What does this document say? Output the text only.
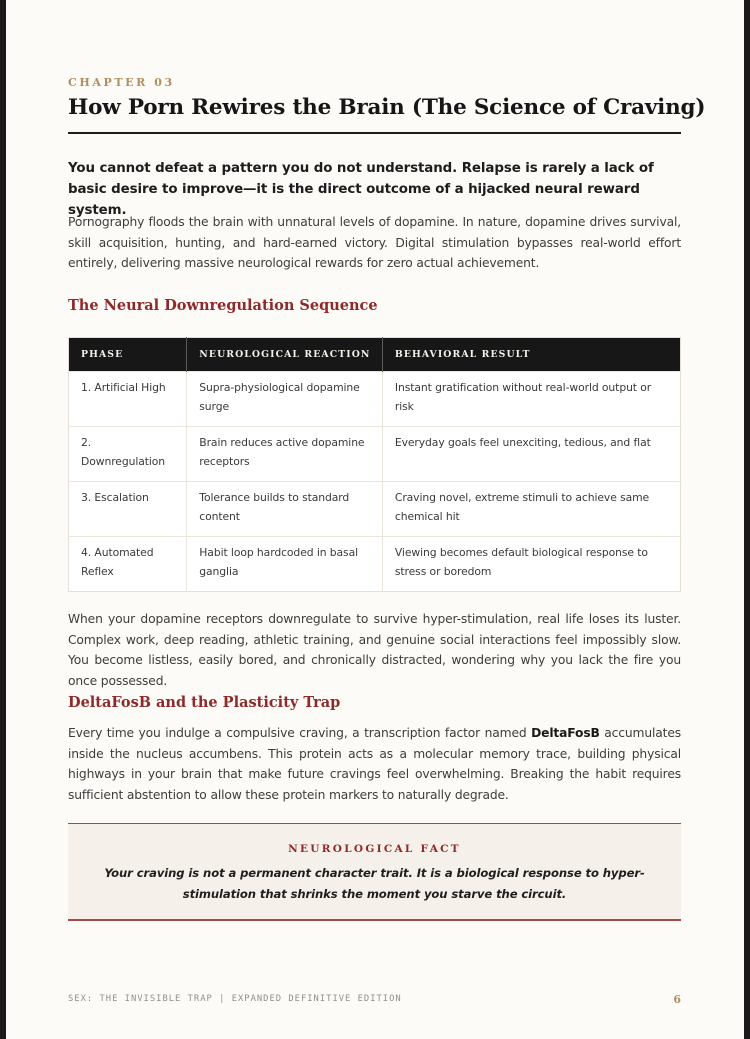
CHAPTER 03
How Porn Rewires the Brain (The Science of Craving)
You cannot defeat a pattern you do not understand. Relapse is rarely a lack of basic desire to improve—it is the direct outcome of a hijacked neural reward system.
Pornography floods the brain with unnatural levels of dopamine. In nature, dopamine drives survival, skill acquisition, hunting, and hard-earned victory. Digital stimulation bypasses real-world effort entirely, delivering massive neurological rewards for zero actual achievement.
The Neural Downregulation Sequence
PHASE	NEUROLOGICAL REACTION	BEHAVIORAL RESULT
1. Artificial High	Supra-physiological dopamine surge	Instant gratification without real-world output or risk
2. Downregulation	Brain reduces active dopamine receptors	Everyday goals feel unexciting, tedious, and flat
3. Escalation	Tolerance builds to standard content	Craving novel, extreme stimuli to achieve same chemical hit
4. Automated Reflex	Habit loop hardcoded in basal ganglia	Viewing becomes default biological response to stress or boredom
When your dopamine receptors downregulate to survive hyper-stimulation, real life loses its luster. Complex work, deep reading, athletic training, and genuine social interactions feel impossibly slow. You become listless, easily bored, and chronically distracted, wondering why you lack the fire you once possessed.
DeltaFosB and the Plasticity Trap
Every time you indulge a compulsive craving, a transcription factor named DeltaFosB accumulates inside the nucleus accumbens. This protein acts as a molecular memory trace, building physical highways in your brain that make future cravings feel overwhelming. Breaking the habit requires sufficient abstention to allow these protein markers to naturally degrade.
NEUROLOGICAL FACT
Your craving is not a permanent character trait. It is a biological response to hyper-stimulation that shrinks the moment you starve the circuit.
SEX: THE INVISIBLE TRAP | EXPANDED DEFINITIVE EDITION	6
